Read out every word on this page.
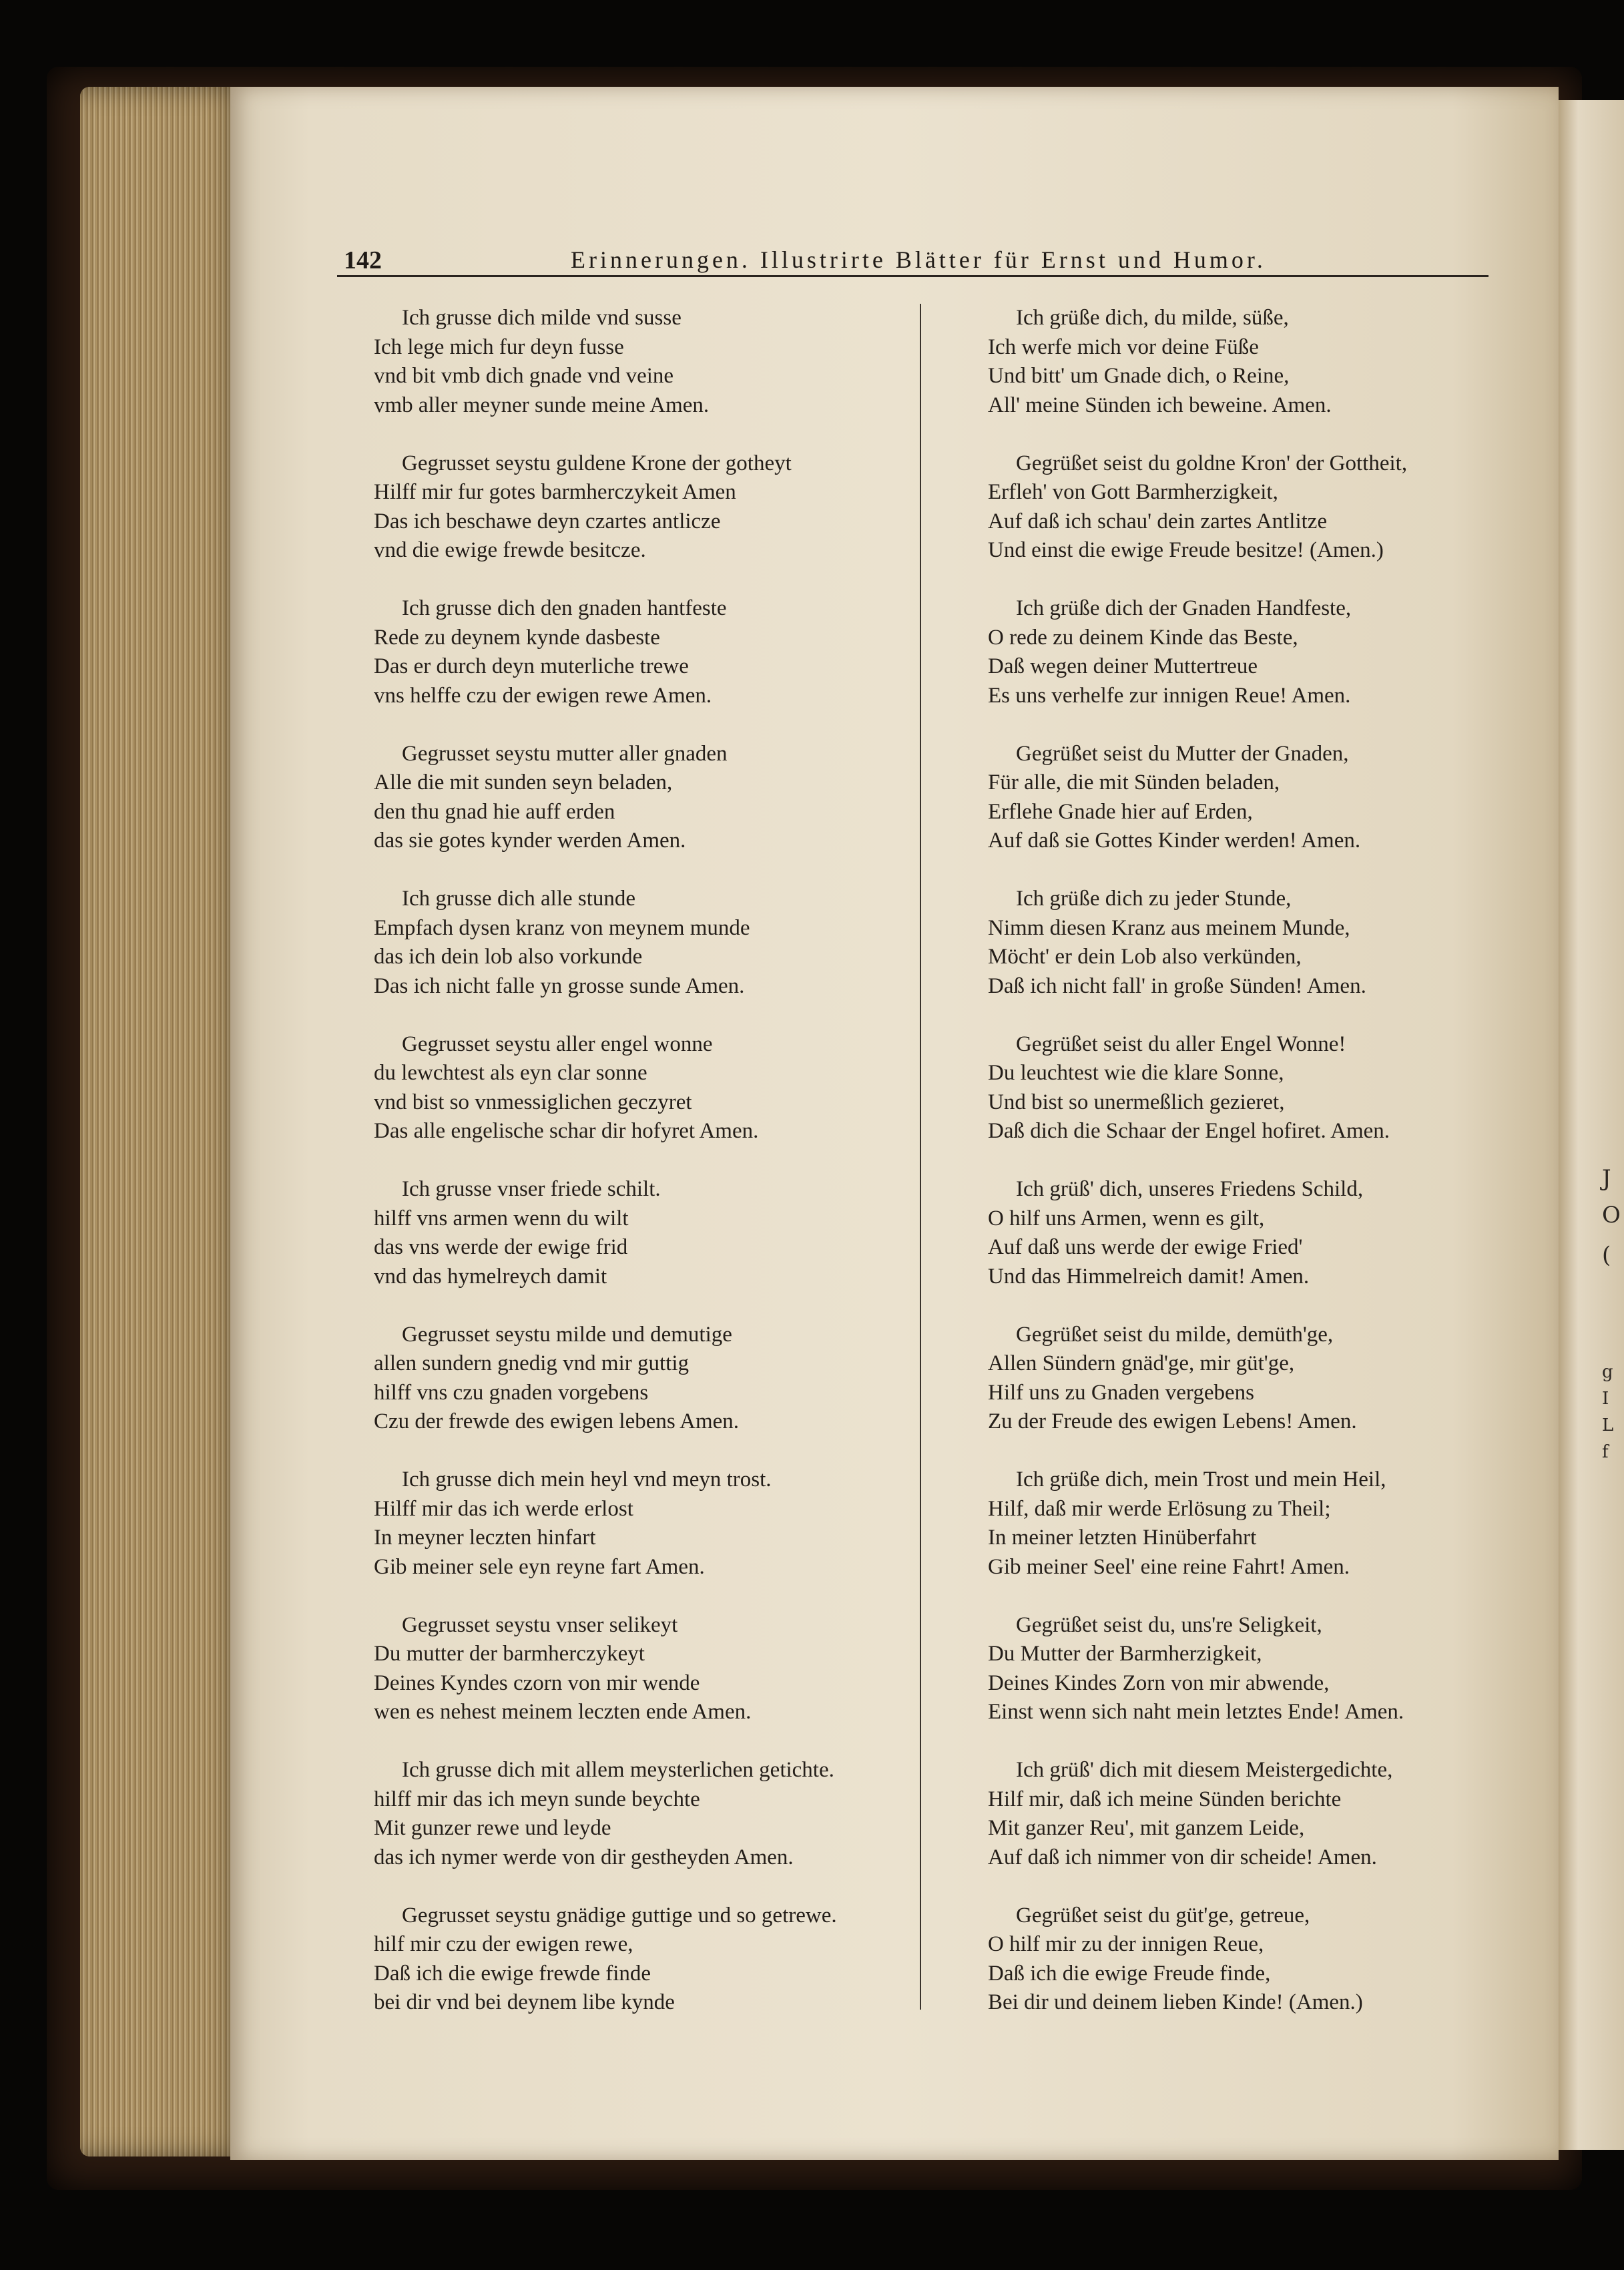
J
O
(
g
I
L
f
142	Erinnerungen. Illustrirte Blätter für Ernst und Humor.
Ich grusse dich milde vnd susse
Ich lege mich fur deyn fusse
vnd bit vmb dich gnade vnd veine
vmb aller meyner sunde meine Amen.
Gegrusset seystu guldene Krone der gotheyt
Hilff mir fur gotes barmherczykeit Amen
Das ich beschawe deyn czartes antlicze
vnd die ewige frewde besitcze.
Ich grusse dich den gnaden hantfeste
Rede zu deynem kynde dasbeste
Das er durch deyn muterliche trewe
vns helffe czu der ewigen rewe Amen.
Gegrusset seystu mutter aller gnaden
Alle die mit sunden seyn beladen,
den thu gnad hie auff erden
das sie gotes kynder werden Amen.
Ich grusse dich alle stunde
Empfach dysen kranz von meynem munde
das ich dein lob also vorkunde
Das ich nicht falle yn grosse sunde Amen.
Gegrusset seystu aller engel wonne
du lewchtest als eyn clar sonne
vnd bist so vnmessiglichen geczyret
Das alle engelische schar dir hofyret Amen.
Ich grusse vnser friede schilt.
hilff vns armen wenn du wilt
das vns werde der ewige frid
vnd das hymelreych damit
Gegrusset seystu milde und demutige
allen sundern gnedig vnd mir guttig
hilff vns czu gnaden vorgebens
Czu der frewde des ewigen lebens Amen.
Ich grusse dich mein heyl vnd meyn trost.
Hilff mir das ich werde erlost
In meyner leczten hinfart
Gib meiner sele eyn reyne fart Amen.
Gegrusset seystu vnser selikeyt
Du mutter der barmherczykeyt
Deines Kyndes czorn von mir wende
wen es nehest meinem leczten ende Amen.
Ich grusse dich mit allem meysterlichen getichte.
hilff mir das ich meyn sunde beychte
Mit gunzer rewe und leyde
das ich nymer werde von dir gestheyden Amen.
Gegrusset seystu gnädige guttige und so getrewe.
hilf mir czu der ewigen rewe,
Daß ich die ewige frewde finde
bei dir vnd bei deynem libe kynde
Ich grüße dich, du milde, süße,
Ich werfe mich vor deine Füße
Und bitt' um Gnade dich, o Reine,
All' meine Sünden ich beweine. Amen.
Gegrüßet seist du goldne Kron' der Gottheit,
Erfleh' von Gott Barmherzigkeit,
Auf daß ich schau' dein zartes Antlitze
Und einst die ewige Freude besitze! (Amen.)
Ich grüße dich der Gnaden Handfeste,
O rede zu deinem Kinde das Beste,
Daß wegen deiner Muttertreue
Es uns verhelfe zur innigen Reue! Amen.
Gegrüßet seist du Mutter der Gnaden,
Für alle, die mit Sünden beladen,
Erflehe Gnade hier auf Erden,
Auf daß sie Gottes Kinder werden! Amen.
Ich grüße dich zu jeder Stunde,
Nimm diesen Kranz aus meinem Munde,
Möcht' er dein Lob also verkünden,
Daß ich nicht fall' in große Sünden! Amen.
Gegrüßet seist du aller Engel Wonne!
Du leuchtest wie die klare Sonne,
Und bist so unermeßlich gezieret,
Daß dich die Schaar der Engel hofiret. Amen.
Ich grüß' dich, unseres Friedens Schild,
O hilf uns Armen, wenn es gilt,
Auf daß uns werde der ewige Fried'
Und das Himmelreich damit! Amen.
Gegrüßet seist du milde, demüth'ge,
Allen Sündern gnäd'ge, mir güt'ge,
Hilf uns zu Gnaden vergebens
Zu der Freude des ewigen Lebens! Amen.
Ich grüße dich, mein Trost und mein Heil,
Hilf, daß mir werde Erlösung zu Theil;
In meiner letzten Hinüberfahrt
Gib meiner Seel' eine reine Fahrt! Amen.
Gegrüßet seist du, uns're Seligkeit,
Du Mutter der Barmherzigkeit,
Deines Kindes Zorn von mir abwende,
Einst wenn sich naht mein letztes Ende! Amen.
Ich grüß' dich mit diesem Meistergedichte,
Hilf mir, daß ich meine Sünden berichte
Mit ganzer Reu', mit ganzem Leide,
Auf daß ich nimmer von dir scheide! Amen.
Gegrüßet seist du güt'ge, getreue,
O hilf mir zu der innigen Reue,
Daß ich die ewige Freude finde,
Bei dir und deinem lieben Kinde! (Amen.)
